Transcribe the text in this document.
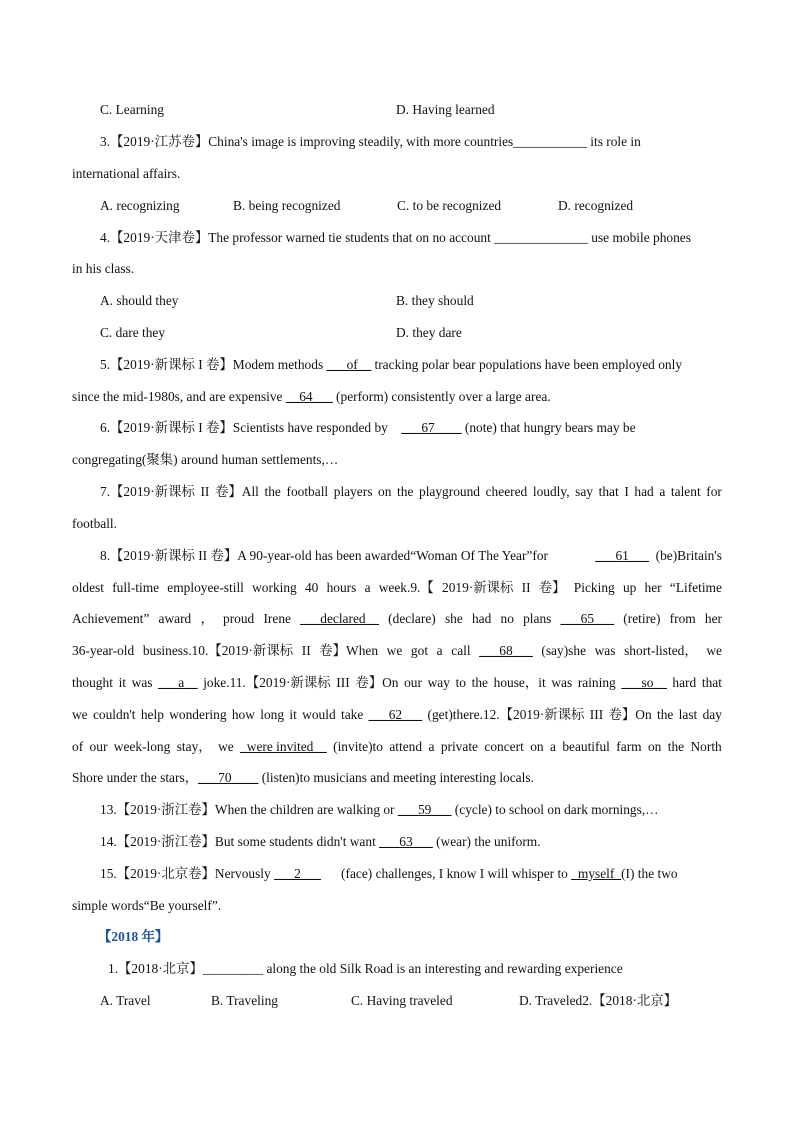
C. Learning	D. Having learned
3.【2019·江苏卷】China's image is improving steadily, with more countries___________ its role in
international affairs.
A. recognizing	B. being recognized	C. to be recognized	D. recognized
4.【2019·天津卷】The professor warned tie students that on no account ______________ use mobile phones
in his class.
A. should they	B. they should
C. dare they	D. they dare
5.【2019·新课标 I 卷】Modem methods ___of__ tracking polar bear populations have been employed only
since the mid-1980s, and are expensive __64___ (perform) consistently over a large area.
6.【2019·新课标 I 卷】Scientists have responded by    ___67____ (note) that hungry bears may be
congregating(聚集) around human settlements,…
7.【2019·新课标 II 卷】All the football players on the playground cheered loudly, say that I had a talent for
football.
8.【2019·新课标 II 卷】A 90-year-old has been awarded“Woman Of The Year”for	___61___ (be)Britain's
oldest full-time employee-still working 40 hours a week.9.【 2019·新课标 II 卷】 Picking up her “Lifetime
Achievement” award ， proud Irene ___declared__ (declare) she had no plans ___65___ (retire) from her
36-year-old business.10.【2019·新课标 II 卷】When we got a call ___68___ (say)she was short-listed， we
thought it was ___a__ joke.11.【2019·新课标 III 卷】On our way to the house，it was raining ___so__ hard that
we couldn't help wondering how long it would take ___62___ (get)there.12.【2019·新课标 III 卷】On the last day
of our week-long stay， we _were invited__ (invite)to attend a private concert on a beautiful farm on the North
Shore under the stars，___70____ (listen)to musicians and meeting interesting locals.
13.【2019·浙江卷】When the children are walking or ___59___ (cycle) to school on dark mornings,…
14.【2019·浙江卷】But some students didn't want ___63___ (wear) the uniform.
15.【2019·北京卷】Nervously ___2___      (face) challenges, I know I will whisper to _myself_(I) the two
simple words“Be yourself”.
【2018 年】
1.【2018·北京】_________ along the old Silk Road is an interesting and rewarding experience
A. Travel	B. Traveling	C. Having traveled	D. Traveled2.【2018·北京】
